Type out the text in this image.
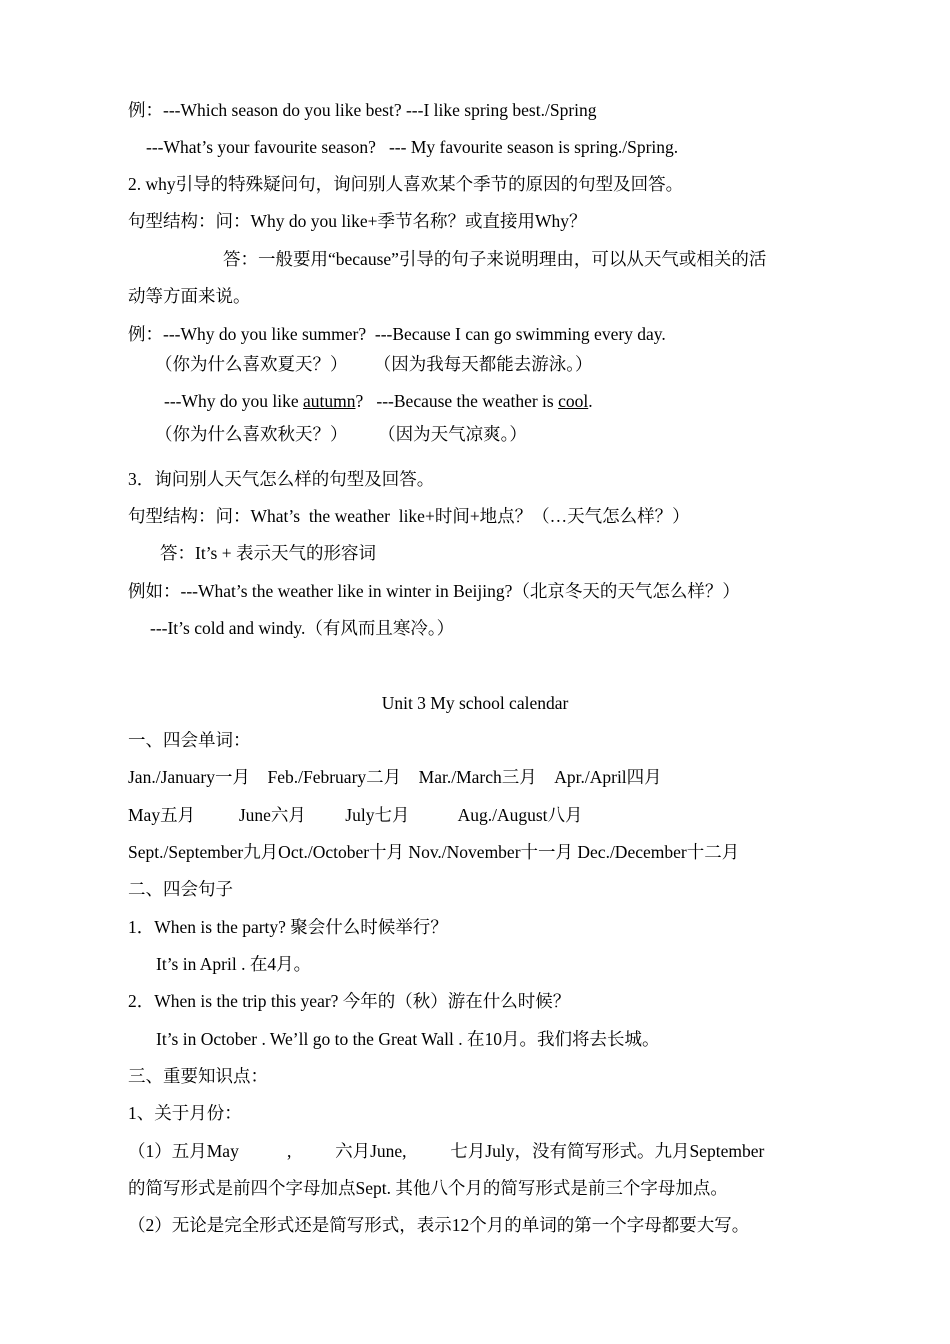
例：---Which season do you like best? ---I like spring best./Spring
---What’s your favourite season?   --- My favourite season is spring./Spring.
2. why引导的特殊疑问句，询问别人喜欢某个季节的原因的句型及回答。
句型结构：问：Why do you like+季节名称？或直接用Why？
答：一般要用“because”引导的句子来说明理由，可以从天气或相关的活
动等方面来说。
例：---Why do you like summer?  ---Because I can go swimming every day.
（你为什么喜欢夏天？）      （因为我每天都能去游泳。）
---Why do you like autumn?   ---Because the weather is cool.
（你为什么喜欢秋天？）       （因为天气凉爽。）
3．询问别人天气怎么样的句型及回答。
句型结构：问：What’s  the weather  like+时间+地点？（…天气怎么样？）
答：It’s + 表示天气的形容词
例如：---What’s the weather like in winter in Beijing?（北京冬天的天气怎么样？）
---It’s cold and windy.（有风而且寒冷。）
Unit 3 My school calendar
一、四会单词：
Jan./January一月    Feb./February二月    Mar./March三月    Apr./April四月
May五月          June六月         July七月           Aug./August八月
Sept./September九月Oct./October十月 Nov./November十一月 Dec./December十二月
二、四会句子
1．When is the party? 聚会什么时候举行？
It’s in April . 在4月。
2．When is the trip this year? 今年的（秋）游在什么时候？
It’s in October . We’ll go to the Great Wall . 在10月。我们将去长城。
三、重要知识点：
1、关于月份：
（1）五月May           ,          六月June,          七月July，没有简写形式。九月September
的简写形式是前四个字母加点Sept. 其他八个月的简写形式是前三个字母加点。
（2）无论是完全形式还是简写形式，表示12个月的单词的第一个字母都要大写。
